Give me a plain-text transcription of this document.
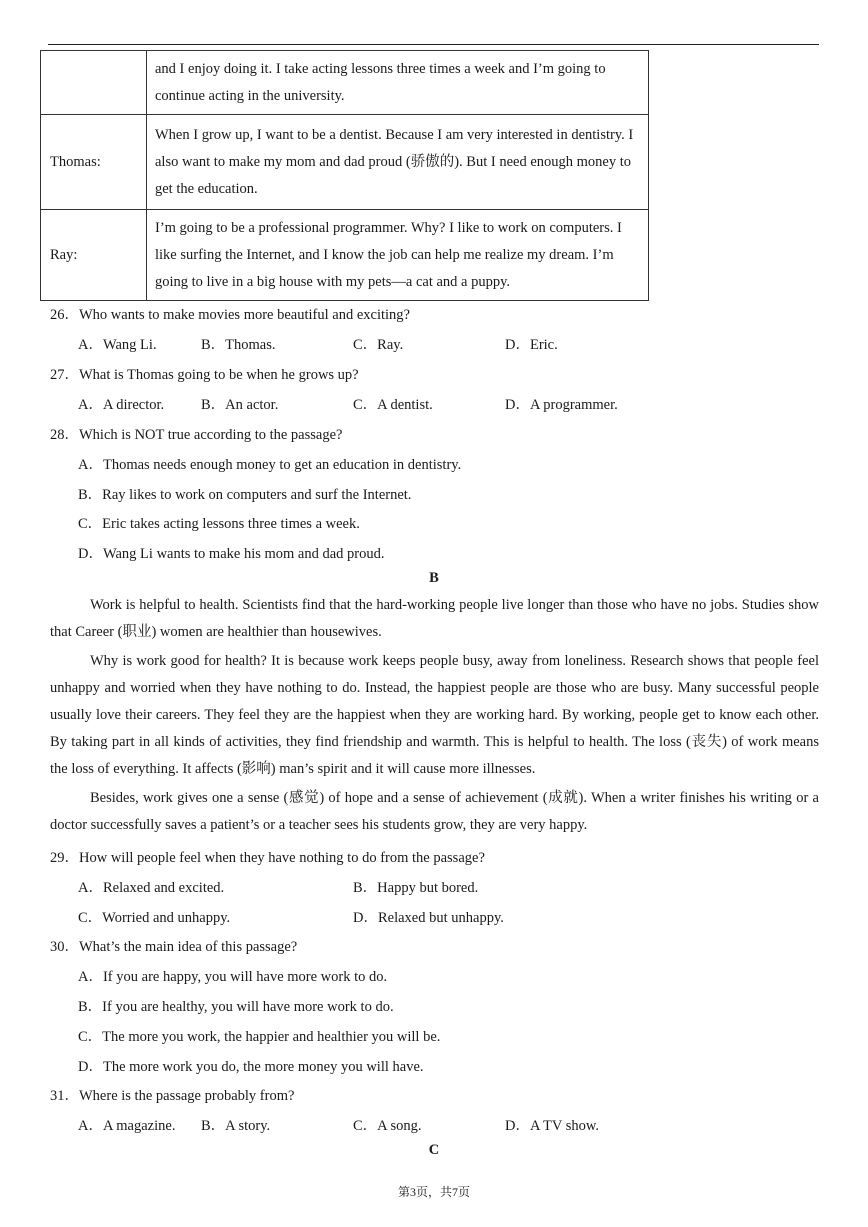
	and I enjoy doing it. I take acting lessons three times a week and I’m going to continue acting in the university.
Thomas:	When I grow up, I want to be a dentist. Because I am very interested in dentistry. I also want to make my mom and dad proud (骄傲的). But I need enough money to get the education.
Ray:	I’m going to be a professional programmer. Why? I like to work on computers. I like surfing the Internet, and I know the job can help me realize my dream. I’m going to live in a big house with my pets—a cat and a puppy.
26．Who wants to make movies more beautiful and exciting?
A．Wang Li.	B．Thomas.	C．Ray.	D．Eric.
27．What is Thomas going to be when he grows up?
A．A director.	B．An actor.	C．A dentist.	D．A programmer.
28．Which is NOT true according to the passage?
A．Thomas needs enough money to get an education in dentistry.
B．Ray likes to work on computers and surf the Internet.
C．Eric takes acting lessons three times a week.
D．Wang Li wants to make his mom and dad proud.
B

Work is helpful to health. Scientists find that the hard-working people live longer than those who have no jobs. Studies show that Career (职业) women are healthier than housewives.

Why is work good for health? It is because work keeps people busy, away from loneliness. Research shows that people feel unhappy and worried when they have nothing to do. Instead, the happiest people are those who are busy. Many successful people usually love their careers. They feel they are the happiest when they are working hard. By working, people get to know each other. By taking part in all kinds of activities, they find friendship and warmth. This is helpful to health. The loss (丧失) of work means the loss of everything. It affects (影响) man’s spirit and it will cause more illnesses.

Besides, work gives one a sense (感觉) of hope and a sense of achievement (成就). When a writer finishes his writing or a doctor successfully saves a patient’s or a teacher sees his students grow, they are very happy.

29．How will people feel when they have nothing to do from the passage?
A．Relaxed and excited.	B．Happy but bored.
C．Worried and unhappy.	D．Relaxed but unhappy.
30．What’s the main idea of this passage?
A．If you are happy, you will have more work to do.
B．If you are healthy, you will have more work to do.
C．The more you work, the happier and healthier you will be.
D．The more work you do, the more money you will have.
31．Where is the passage probably from?
A．A magazine. B．A story.	C．A song.	D．A TV show.
C
第3页，共7页
